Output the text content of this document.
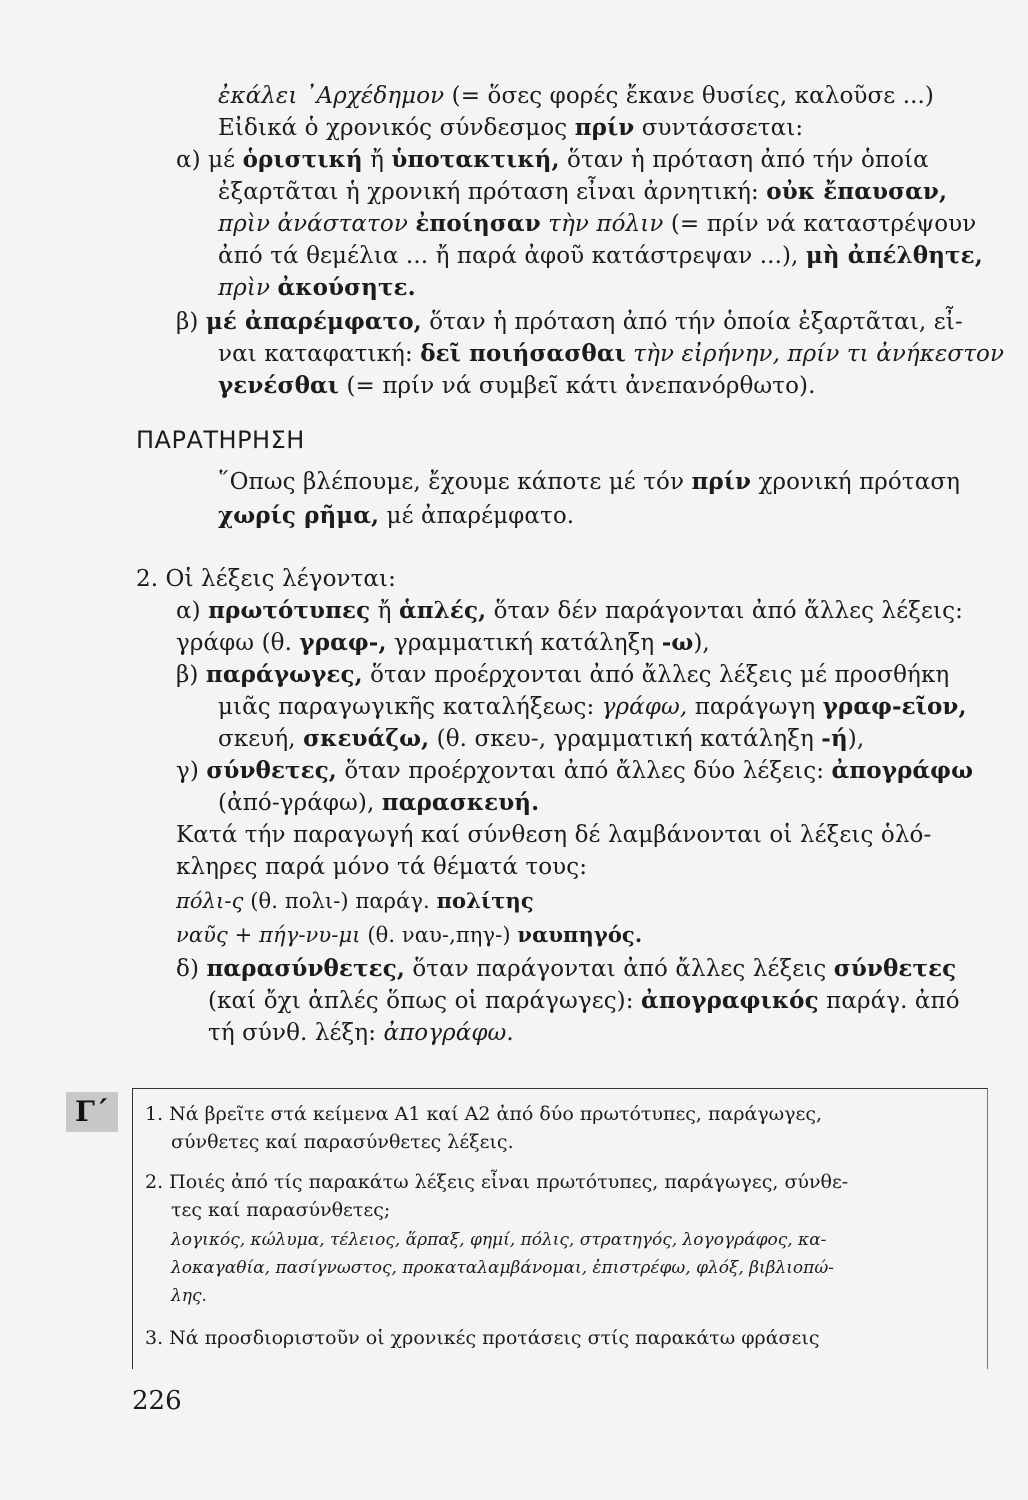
ἐκάλει ᾿Αρχέδημον (= ὅσες φορές ἔκανε θυσίες, καλοῦσε ...)
Εἰδικά ὁ χρονικός σύνδεσμος πρίν συντάσσεται:
α) μέ ὁριστική ἤ ὑποτακτική, ὅταν ἡ πρόταση ἀπό τήν ὁποία
ἐξαρτᾶται ἡ χρονική πρόταση εἶναι ἀρνητική: οὐκ ἔπαυσαν,
πρὶν ἀνάστατον ἐποίησαν τὴν πόλιν (= πρίν νά καταστρέψουν
ἀπό τά θεμέλια ... ἤ παρά ἀφοῦ κατάστρεψαν ...), μὴ ἀπέλθητε,
πρὶν ἀκούσητε.
β) μέ ἀπαρέμφατο, ὅταν ἡ πρόταση ἀπό τήν ὁποία ἐξαρτᾶται, εἶ-
ναι καταφατική: δεῖ ποιήσασθαι τὴν εἰρήνην, πρίν τι ἀνήκεστον
γενέσθαι (= πρίν νά συμβεῖ κάτι ἀνεπανόρθωτο).
ΠΑΡΑΤΗΡΗΣΗ
῞Οπως βλέπουμε, ἔχουμε κάποτε μέ τόν πρίν χρονική πρόταση
χωρίς ρῆμα, μέ ἀπαρέμφατο.
2. Οἱ λέξεις λέγονται:
α) πρωτότυπες ἤ ἁπλές, ὅταν δέν παράγονται ἀπό ἄλλες λέξεις:
γράφω (θ. γραφ-, γραμματική κατάληξη -ω),
β) παράγωγες, ὅταν προέρχονται ἀπό ἄλλες λέξεις μέ προσθήκη
μιᾶς παραγωγικῆς καταλήξεως: γράφω, παράγωγη γραφ-εῖον,
σκευή, σκευάζω, (θ. σκευ-, γραμματική κατάληξη -ή),
γ) σύνθετες, ὅταν προέρχονται ἀπό ἄλλες δύο λέξεις: ἀπογράφω
(ἀπό-γράφω), παρασκευή.
Κατά τήν παραγωγή καί σύνθεση δέ λαμβάνονται οἱ λέξεις ὁλό-
κληρες παρά μόνο τά θέματά τους:
πόλι-ς (θ. πολι-) παράγ. πολίτης
ναῦς + πήγ-νυ-μι (θ. ναυ-,πηγ-) ναυπηγός.
δ) παρασύνθετες, ὅταν παράγονται ἀπό ἄλλες λέξεις σύνθετες
(καί ὄχι ἁπλές ὅπως οἱ παράγωγες): ἀπογραφικός παράγ. ἀπό
τή σύνθ. λέξη: ἀπογράφω.
Γ΄	1. Νά βρεῖτε στά κείμενα Α1 καί Α2 ἀπό δύο πρωτότυπες, παράγωγες,
σύνθετες καί παρασύνθετες λέξεις.
2. Ποιές ἀπό τίς παρακάτω λέξεις εἶναι πρωτότυπες, παράγωγες, σύνθε-
τες καί παρασύνθετες;
λογικός, κώλυμα, τέλειος, ἅρπαξ, φημί, πόλις, στρατηγός, λογογράφος, κα-
λοκαγαθία, πασίγνωστος, προκαταλαμβάνομαι, ἐπιστρέφω, φλόξ, βιβλιοπώ-
λης.
3. Νά προσδιοριστοῦν οἱ χρονικές προτάσεις στίς παρακάτω φράσεις
226
